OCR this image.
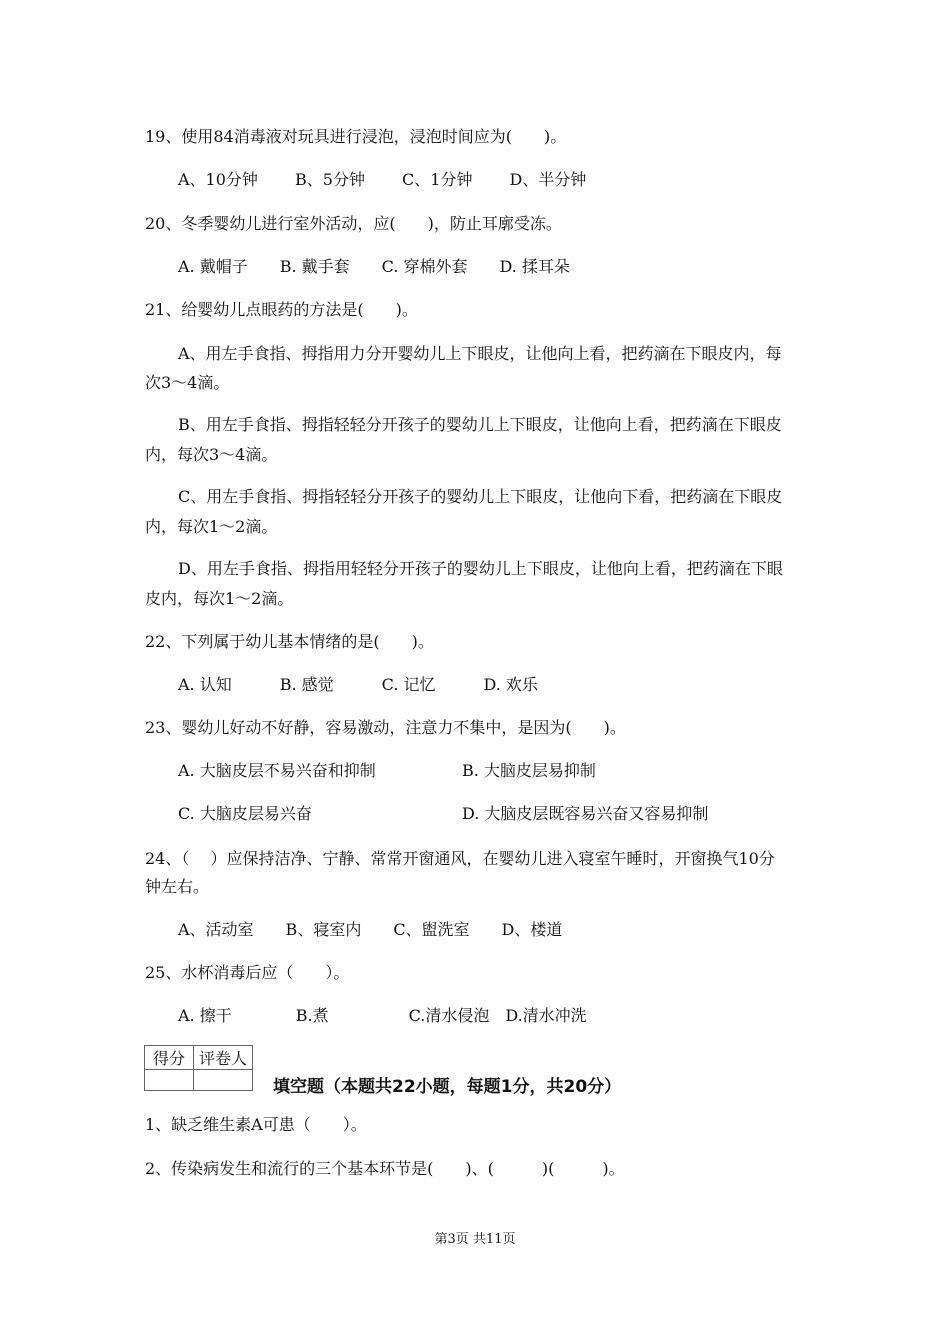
19、使用84消毒液对玩具进行浸泡，浸泡时间应为(　　)。
A、10分钟　　 B、5分钟　　 C、1分钟　　 D、半分钟
20、冬季婴幼儿进行室外活动，应(　　)，防止耳廓受冻。
A. 戴帽子　　B. 戴手套　　C. 穿棉外套　　D. 揉耳朵
21、给婴幼儿点眼药的方法是(　　)。
A、用左手食指、拇指用力分开婴幼儿上下眼皮，让他向上看，把药滴在下眼皮内，每
次3～4滴。
B、用左手食指、拇指轻轻分开孩子的婴幼儿上下眼皮，让他向上看，把药滴在下眼皮
内，每次3～4滴。
C、用左手食指、拇指轻轻分开孩子的婴幼儿上下眼皮，让他向下看，把药滴在下眼皮
内，每次1～2滴。
D、用左手食指、拇指用轻轻分开孩子的婴幼儿上下眼皮，让他向上看，把药滴在下眼
皮内，每次1～2滴。
22、下列属于幼儿基本情绪的是(　　)。
A. 认知　　　B. 感觉　　　C. 记忆　　　D. 欢乐
23、婴幼儿好动不好静，容易激动，注意力不集中，是因为(　　)。
A. 大脑皮层不易兴奋和抑制	B. 大脑皮层易抑制
C. 大脑皮层易兴奋	D. 大脑皮层既容易兴奋又容易抑制
24、（　 ）应保持洁净、宁静、常常开窗通风，在婴幼儿进入寝室午睡时，开窗换气10分
钟左右。
A、活动室　　B、寝室内　　C、盥洗室　　D、楼道
25、水杯消毒后应（　　）。
A. 擦干　　　　B.煮　　　　　C.清水侵泡　D.清水冲洗
得分	评卷人

填空题（本题共22小题，每题1分，共20分）
1、缺乏维生素A可患（　　）。
2、传染病发生和流行的三个基本环节是(　　)、(　　　)(　　　)。
第3页 共11页
